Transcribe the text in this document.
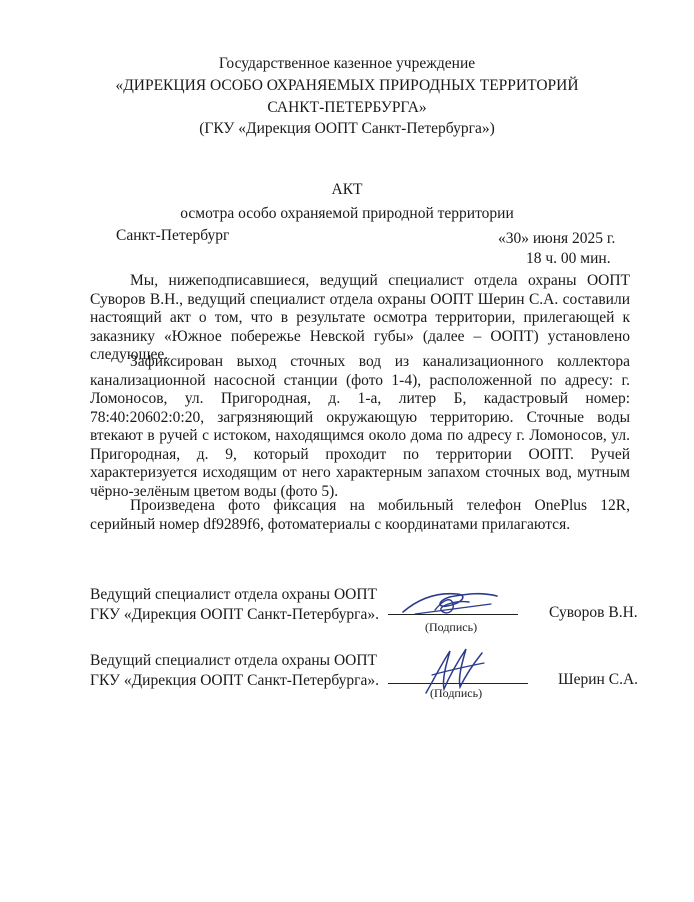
Государственное казенное учреждение
«ДИРЕКЦИЯ ОСОБО ОХРАНЯЕМЫХ ПРИРОДНЫХ ТЕРРИТОРИЙ
САНКТ-ПЕТЕРБУРГА»
(ГКУ «Дирекция ООПТ Санкт-Петербурга»)
АКТ
осмотра особо охраняемой природной территории
Санкт-Петербург	«30» июня 2025 г.
18 ч. 00 мин.
Мы, нижеподписавшиеся, ведущий специалист отдела охраны ООПТ Суворов В.Н., ведущий специалист отдела охраны ООПТ Шерин С.А. составили настоящий акт о том, что в результате осмотра территории, прилегающей к заказнику «Южное побережье Невской губы» (далее – ООПТ) установлено следующее.
Зафиксирован выход сточных вод из канализационного коллектора канализационной насосной станции (фото 1-4), расположенной по адресу: г. Ломоносов, ул. Пригородная, д. 1-а, литер Б, кадастровый номер: 78:40:20602:0:20, загрязняющий окружающую территорию. Сточные воды втекают в ручей с истоком, находящимся около дома по адресу г. Ломоносов, ул. Пригородная, д. 9, который проходит по территории ООПТ. Ручей характеризуется исходящим от него характерным запахом сточных вод, мутным чёрно-зелёным цветом воды (фото 5).
Произведена фото фиксация на мобильный телефон OnePlus 12R, серийный номер df9289f6, фотоматериалы с координатами прилагаются.
Ведущий специалист отдела охраны ООПТ
ГКУ «Дирекция ООПТ Санкт-Петербурга».
(Подпись)
Суворов В.Н.
Ведущий специалист отдела охраны ООПТ
ГКУ «Дирекция ООПТ Санкт-Петербурга».
(Подпись)
Шерин С.А.
